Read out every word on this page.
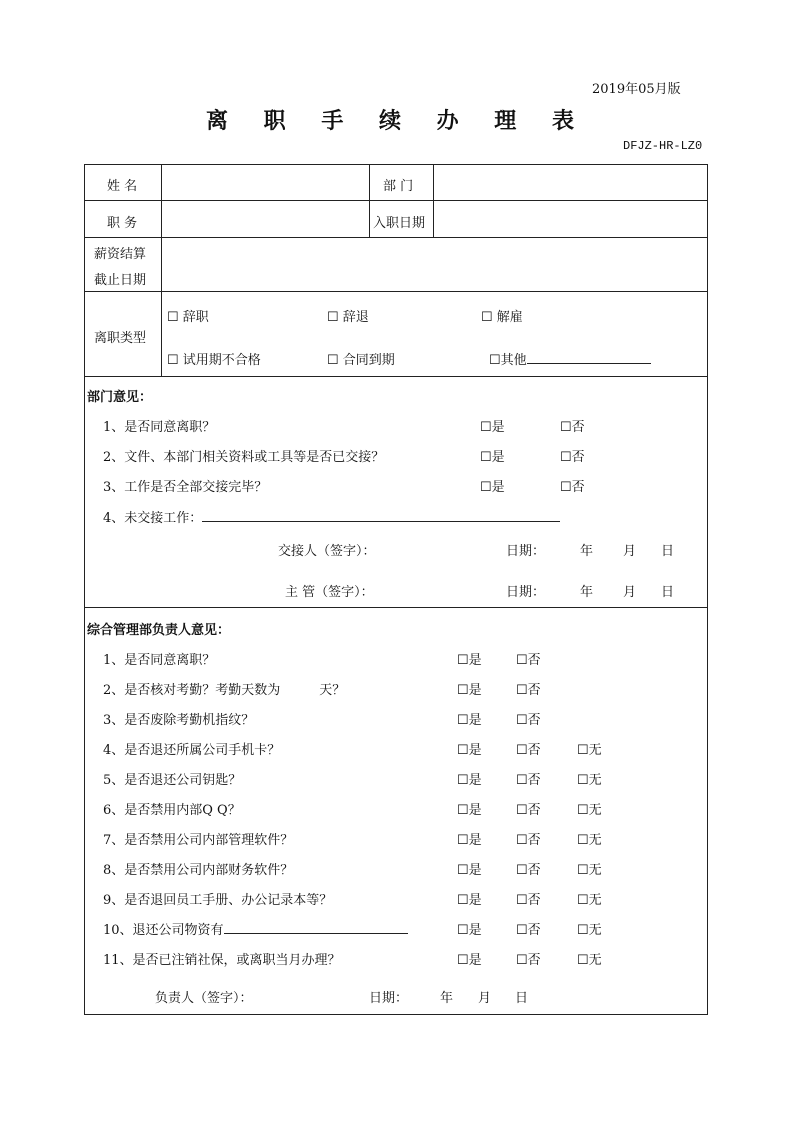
2019年05月版
离 职 手 续 办 理 表
DFJZ-HR-LZ0
姓 名	部 门
职 务	入职日期
薪资结算
截止日期
离职类型
☐ 辞职	☐ 辞退	☐ 解雇
☐ 试用期不合格	☐ 合同到期	☐其他
部门意见：
1、是否同意离职？	☐是	☐否
2、文件、本部门相关资料或工具等是否已交接？	☐是	☐否
3、工作是否全部交接完毕？	☐是	☐否
4、未交接工作：
交接人（签字）：	日期：	年 月 日
主 管（签字）：	日期：	年 月 日
综合管理部负责人意见：
1、是否同意离职？	☐是	☐否
2、是否核对考勤？考勤天数为　　　天？	☐是	☐否
3、是否废除考勤机指纹？	☐是	☐否
4、是否退还所属公司手机卡？	☐是	☐否	☐无
5、是否退还公司钥匙？	☐是	☐否	☐无
6、是否禁用内部Q Q？	☐是	☐否	☐无
7、是否禁用公司内部管理软件？	☐是	☐否	☐无
8、是否禁用公司内部财务软件？	☐是	☐否	☐无
9、是否退回员工手册、办公记录本等？	☐是	☐否	☐无
10、退还公司物资有	☐是	☐否	☐无
11、是否已注销社保，或离职当月办理？	☐是	☐否	☐无
负责人（签字）：	日期： 年 月 日
